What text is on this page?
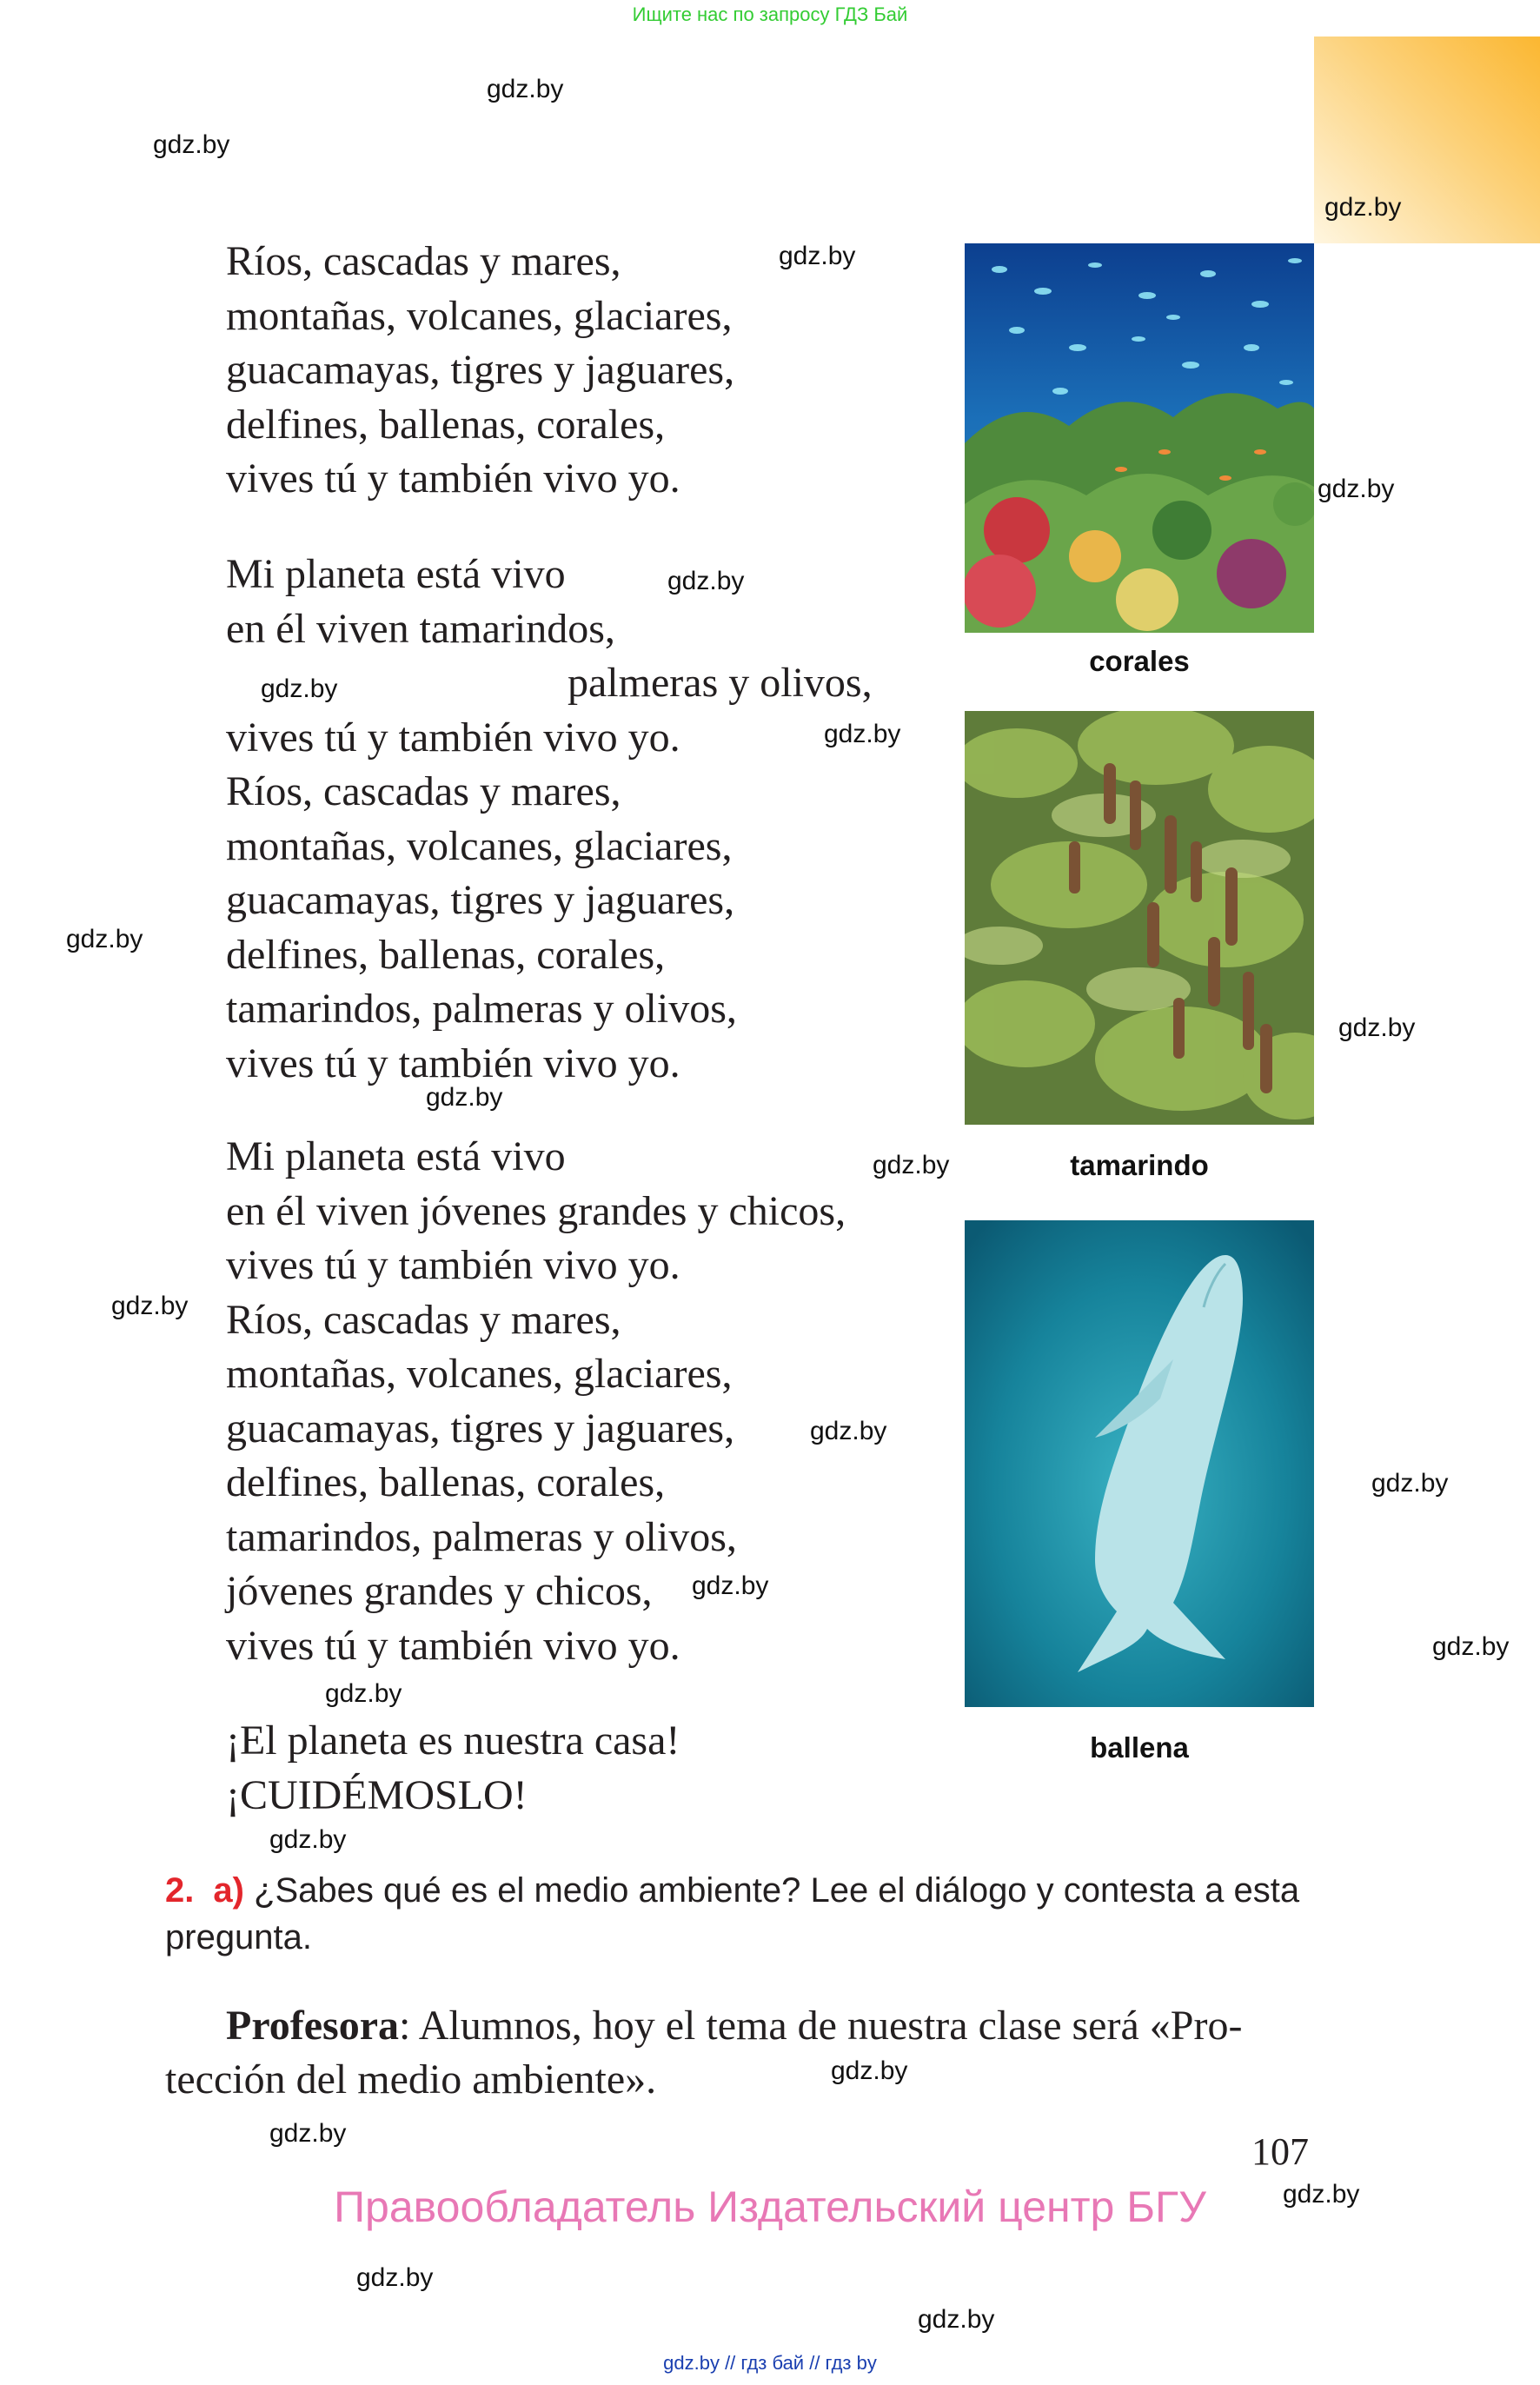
Ищите нас по запросу ГДЗ Бай
gdz.by
gdz.by
gdz.by
gdz.by
gdz.by
gdz.by
gdz.by
gdz.by
gdz.by
gdz.by
gdz.by
gdz.by
gdz.by
gdz.by
gdz.by
gdz.by
gdz.by
gdz.by
gdz.by
gdz.by
gdz.by
gdz.by
gdz.by
gdz.by
Ríos, cascadas y mares,
montañas, volcanes, glaciares,
guacamayas, tigres y jaguares,
delfines, ballenas, corales,
vives tú y también vivo yo.
Mi planeta está vivo
en él viven tamarindos,
palmeras y olivos,
vives tú y también vivo yo.
Ríos, cascadas y mares,
montañas, volcanes, glaciares,
guacamayas, tigres y jaguares,
delfines, ballenas, corales,
tamarindos, palmeras y olivos,
vives tú y también vivo yo.
Mi planeta está vivo
en él viven jóvenes grandes y chicos,
vives tú y también vivo yo.
Ríos, cascadas y mares,
montañas, volcanes, glaciares,
guacamayas, tigres y jaguares,
delfines, ballenas, corales,
tamarindos, palmeras y olivos,
jóvenes grandes y chicos,
vives tú y también vivo yo.
¡El planeta es nuestra casa!
¡CUIDÉMOSLO!
corales
tamarindo
ballena
2. a) ¿Sabes qué es el medio ambiente? Lee el diálogo y contesta a esta pregunta.
Profesora: Alumnos, hoy el tema de nuestra clase será «Pro-
tección del medio ambiente».
107
Правообладатель Издательский центр БГУ
gdz.by // гдз бай // гдз by
